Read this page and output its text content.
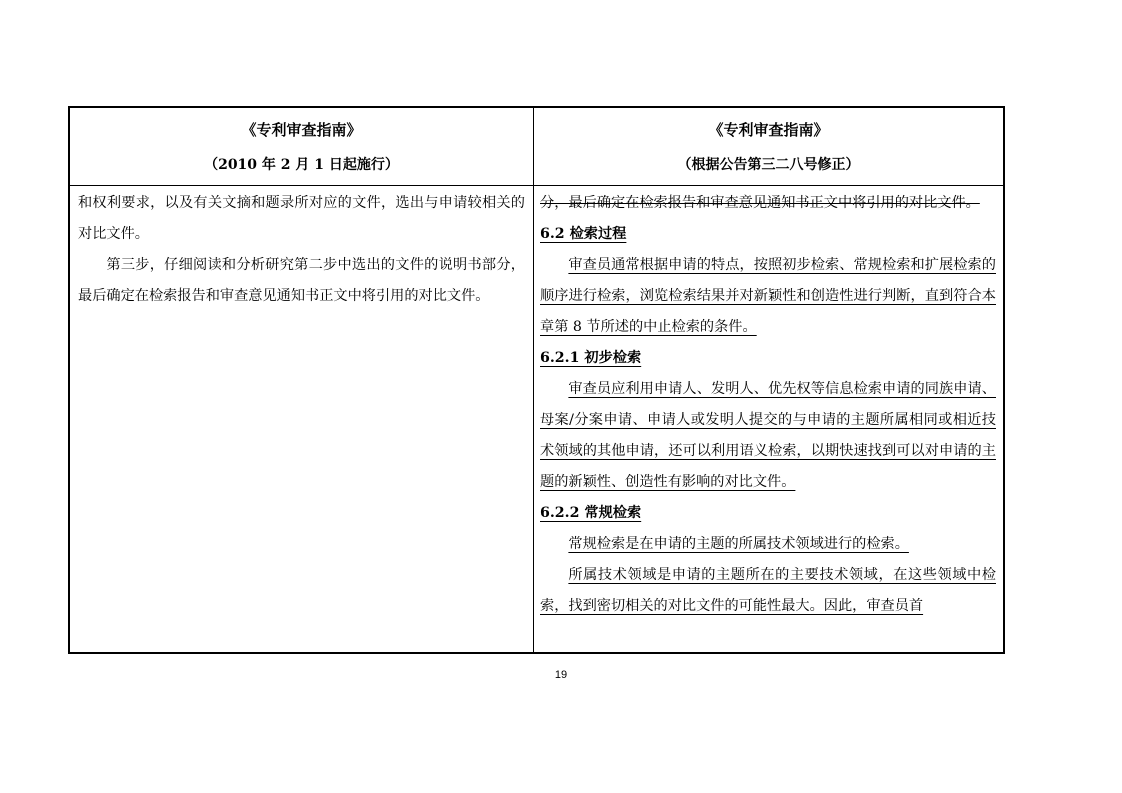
《专利审查指南》
（2010 年 2 月 1 日起施行）
《专利审查指南》
（根据公告第三二八号修正）

和权利要求，以及有关文摘和题录所对应的文件，选出与申请较相关的对比文件。

第三步，仔细阅读和分析研究第二步中选出的文件的说明书部分，最后确定在检索报告和审查意见通知书正文中将引用的对比文件。

分，最后确定在检索报告和审查意见通知书正文中将引用的对比文件。

6.2 检索过程

审查员通常根据申请的特点，按照初步检索、常规检索和扩展检索的顺序进行检索，浏览检索结果并对新颖性和创造性进行判断，直到符合本章第 8 节所述的中止检索的条件。

6.2.1 初步检索

审查员应利用申请人、发明人、优先权等信息检索申请的同族申请、母案/分案申请、申请人或发明人提交的与申请的主题所属相同或相近技术领域的其他申请，还可以利用语义检索，以期快速找到可以对申请的主题的新颖性、创造性有影响的对比文件。

6.2.2 常规检索

常规检索是在申请的主题的所属技术领域进行的检索。

所属技术领域是申请的主题所在的主要技术领域，在这些领域中检索，找到密切相关的对比文件的可能性最大。因此，审查员首

19
